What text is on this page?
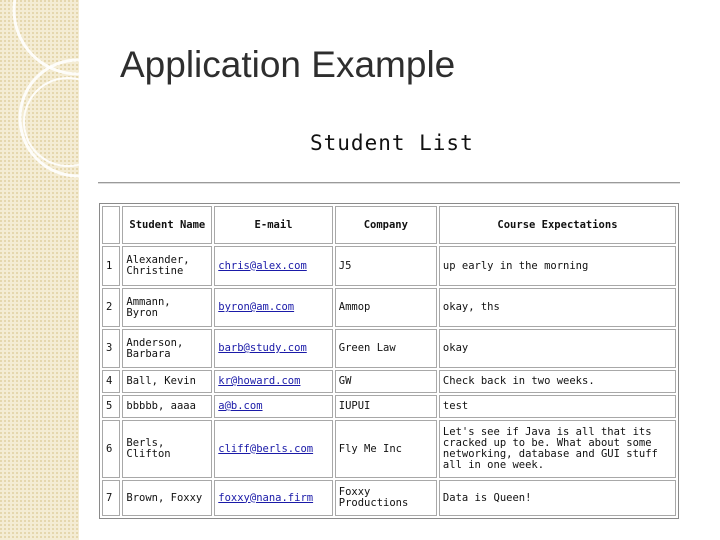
Application Example
Student List
	Student Name	E-mail	Company	Course Expectations
1	Alexander, Christine	chris@alex.com	J5	up early in the morning
2	Ammann, Byron	byron@am.com	Ammop	okay, ths
3	Anderson, Barbara	barb@study.com	Green Law	okay
4	Ball, Kevin	kr@howard.com	GW	Check back in two weeks.
5	bbbbb, aaaa	a@b.com	IUPUI	test
6	Berls, Clifton	cliff@berls.com	Fly Me Inc	Let's see if Java is all that its cracked up to be. What about some networking, database and GUI stuff all in one week.
7	Brown, Foxxy	foxxy@nana.firm	Foxxy Productions	Data is Queen!
